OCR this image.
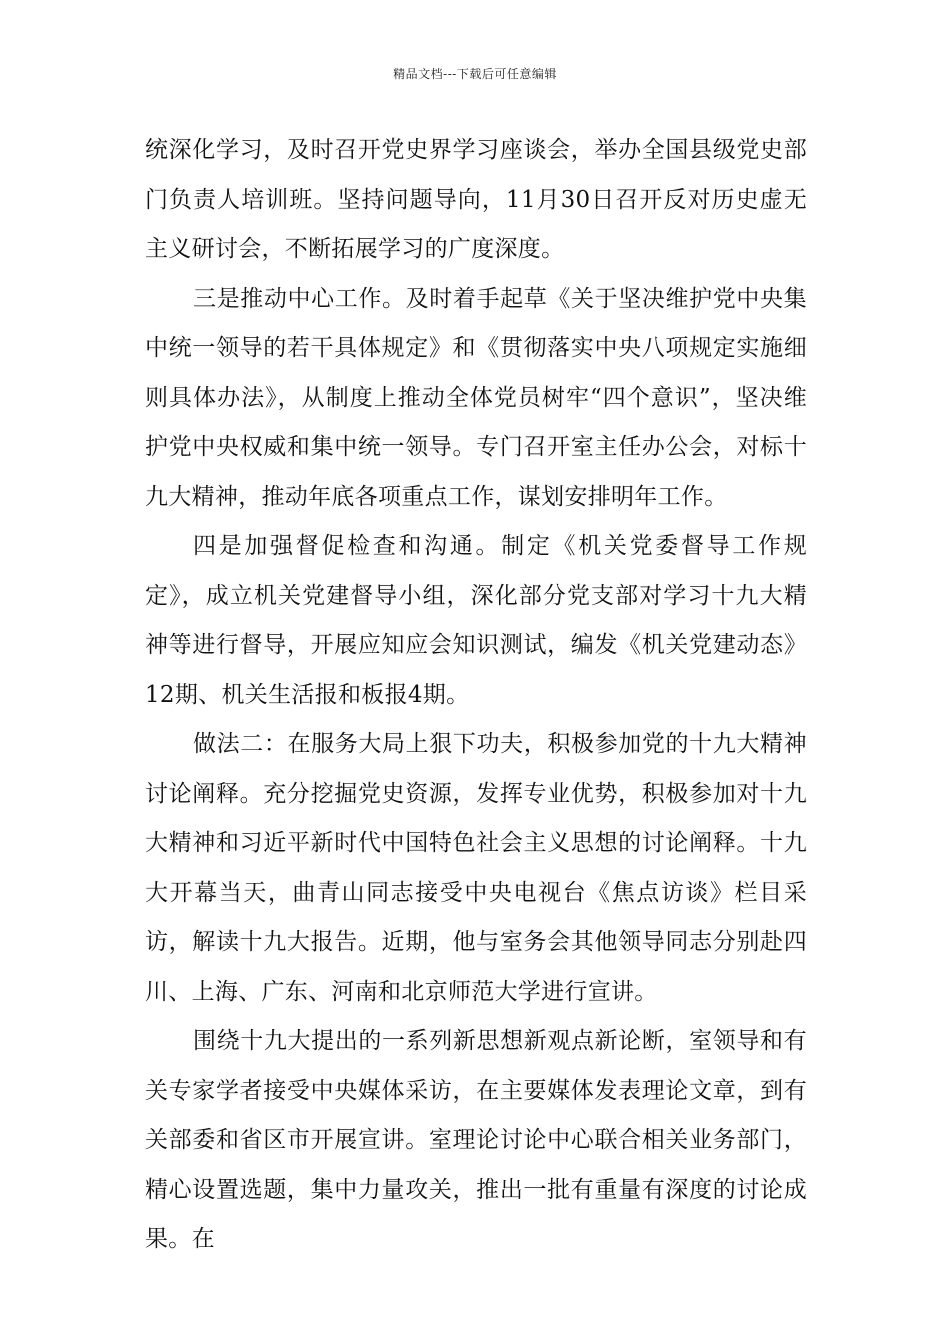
精品文档---下载后可任意编辑

统深化学习，及时召开党史界学习座谈会，举办全国县级党史部门负责人培训班。坚持问题导向，11月30日召开反对历史虚无主义研讨会，不断拓展学习的广度深度。

三是推动中心工作。及时着手起草《关于坚决维护党中央集中统一领导的若干具体规定》和《贯彻落实中央八项规定实施细则具体办法》，从制度上推动全体党员树牢“四个意识”，坚决维护党中央权威和集中统一领导。专门召开室主任办公会，对标十九大精神，推动年底各项重点工作，谋划安排明年工作。

四是加强督促检查和沟通。制定《机关党委督导工作规定》，成立机关党建督导小组，深化部分党支部对学习十九大精神等进行督导，开展应知应会知识测试，编发《机关党建动态》12期、机关生活报和板报4期。

做法二：在服务大局上狠下功夫，积极参加党的十九大精神讨论阐释。充分挖掘党史资源，发挥专业优势，积极参加对十九大精神和习近平新时代中国特色社会主义思想的讨论阐释。十九大开幕当天，曲青山同志接受中央电视台《焦点访谈》栏目采访，解读十九大报告。近期，他与室务会其他领导同志分别赴四川、上海、广东、河南和北京师范大学进行宣讲。

围绕十九大提出的一系列新思想新观点新论断，室领导和有关专家学者接受中央媒体采访，在主要媒体发表理论文章，到有关部委和省区市开展宣讲。室理论讨论中心联合相关业务部门，精心设置选题，集中力量攻关，推出一批有重量有深度的讨论成果。在
